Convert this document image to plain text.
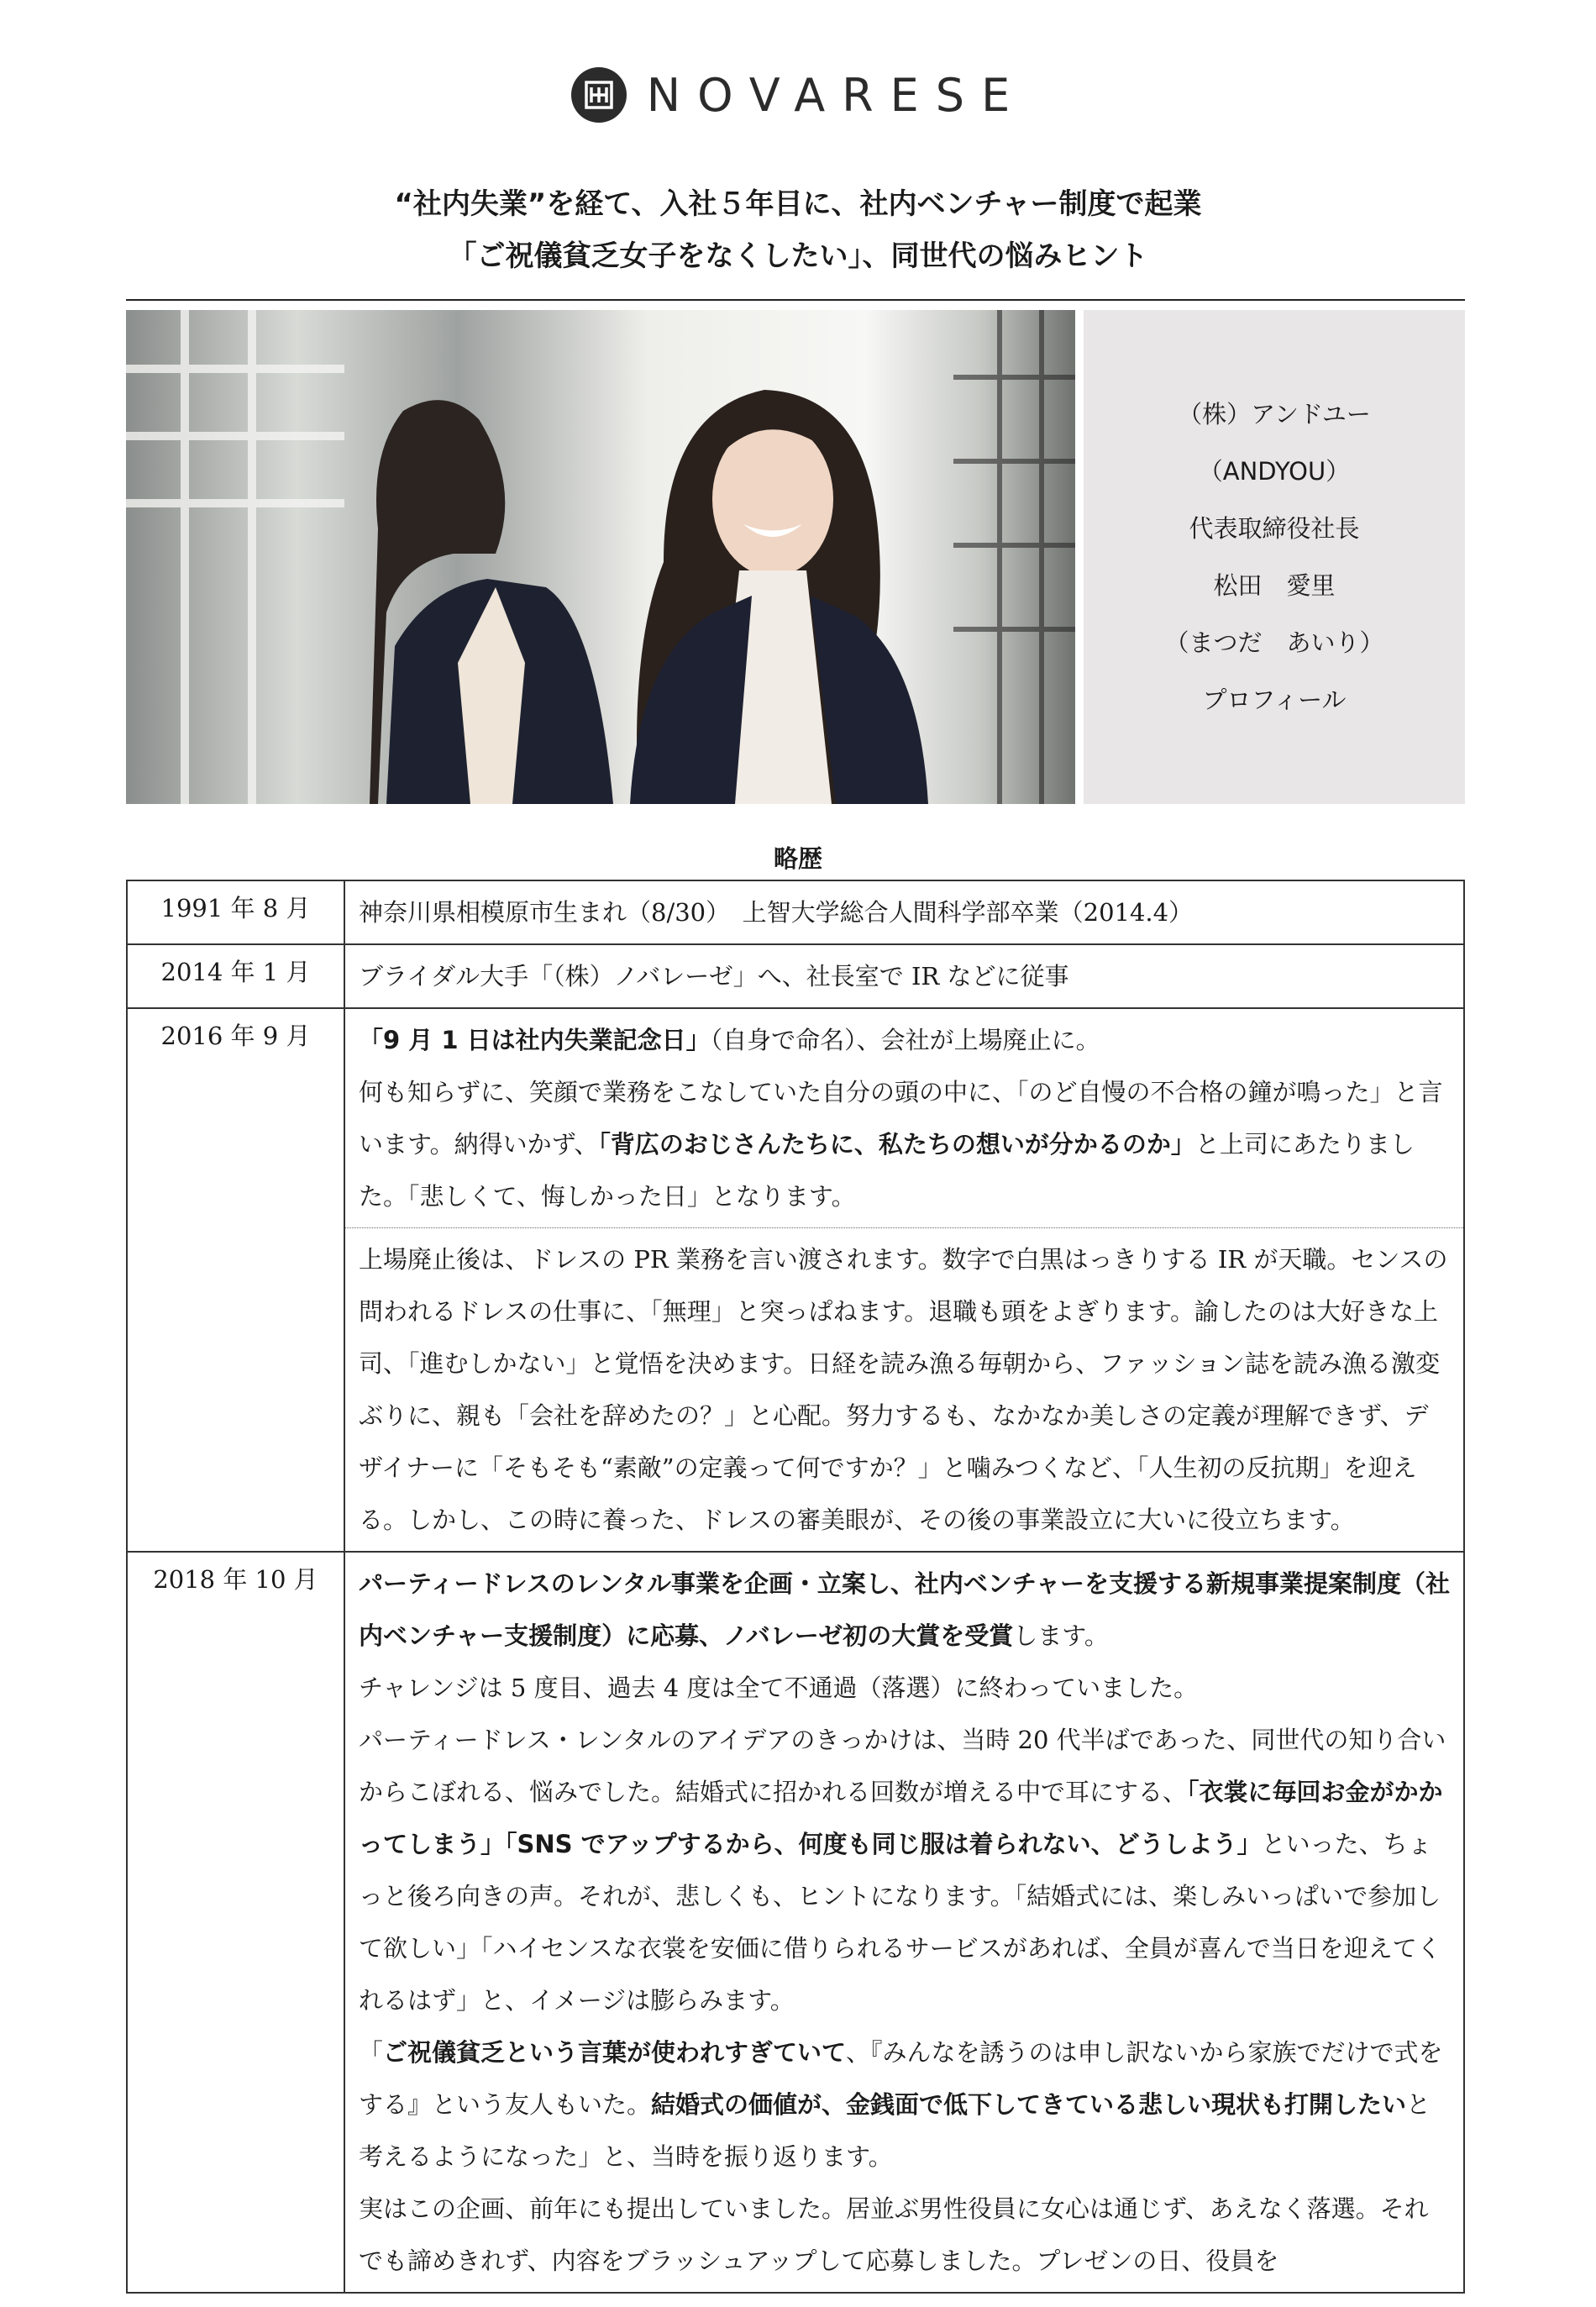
NOVARESE
“社内失業”を経て、入社５年目に、社内ベンチャー制度で起業
「ご祝儀貧乏女子をなくしたい」、同世代の悩みヒント
（株）アンドユー
（ANDYOU）
代表取締役社長
松田　愛里
（まつだ　あいり）
プロフィール
略歴
1991 年 8 月	神奈川県相模原市生まれ（8/30）　上智大学総合人間科学部卒業（2014.4）

2014 年 1 月	ブライダル大手「（株）ノバレーゼ」へ、社長室で IR などに従事

2016 年 9 月	「9 月 1 日は社内失業記念日」（自身で命名）、会社が上場廃止に。
何も知らずに、笑顔で業務をこなしていた自分の頭の中に、「のど自慢の不合格の鐘が鳴った」と言います。納得いかず、「背広のおじさんたちに、私たちの想いが分かるのか」と上司にあたりました。「悲しくて、悔しかった日」となります。
上場廃止後は、ドレスの PR 業務を言い渡されます。数字で白黒はっきりする IR が天職。センスの問われるドレスの仕事に、「無理」と突っぱねます。退職も頭をよぎります。諭したのは大好きな上司、「進むしかない」と覚悟を決めます。日経を読み漁る毎朝から、ファッション誌を読み漁る激変ぶりに、親も「会社を辞めたの？」と心配。努力するも、なかなか美しさの定義が理解できず、デザイナーに「そもそも“素敵”の定義って何ですか？」と噛みつくなど、「人生初の反抗期」を迎える。しかし、この時に養った、ドレスの審美眼が、その後の事業設立に大いに役立ちます。

2018 年 10 月	パーティードレスのレンタル事業を企画・立案し、社内ベンチャーを支援する新規事業提案制度（社内ベンチャー支援制度）に応募、ノバレーゼ初の大賞を受賞します。
チャレンジは 5 度目、過去 4 度は全て不通過（落選）に終わっていました。
パーティードレス・レンタルのアイデアのきっかけは、当時 20 代半ばであった、同世代の知り合いからこぼれる、悩みでした。結婚式に招かれる回数が増える中で耳にする、「衣裳に毎回お金がかかってしまう」「SNS でアップするから、何度も同じ服は着られない、どうしよう」といった、ちょっと後ろ向きの声。それが、悲しくも、ヒントになります。「結婚式には、楽しみいっぱいで参加して欲しい」「ハイセンスな衣裳を安価に借りられるサービスがあれば、全員が喜んで当日を迎えてくれるはず」と、イメージは膨らみます。
「ご祝儀貧乏という言葉が使われすぎていて、『みんなを誘うのは申し訳ないから家族でだけで式をする』という友人もいた。結婚式の価値が、金銭面で低下してきている悲しい現状も打開したいと考えるようになった」と、当時を振り返ります。
実はこの企画、前年にも提出していました。居並ぶ男性役員に女心は通じず、あえなく落選。それでも諦めきれず、内容をブラッシュアップして応募しました。プレゼンの日、役員を
